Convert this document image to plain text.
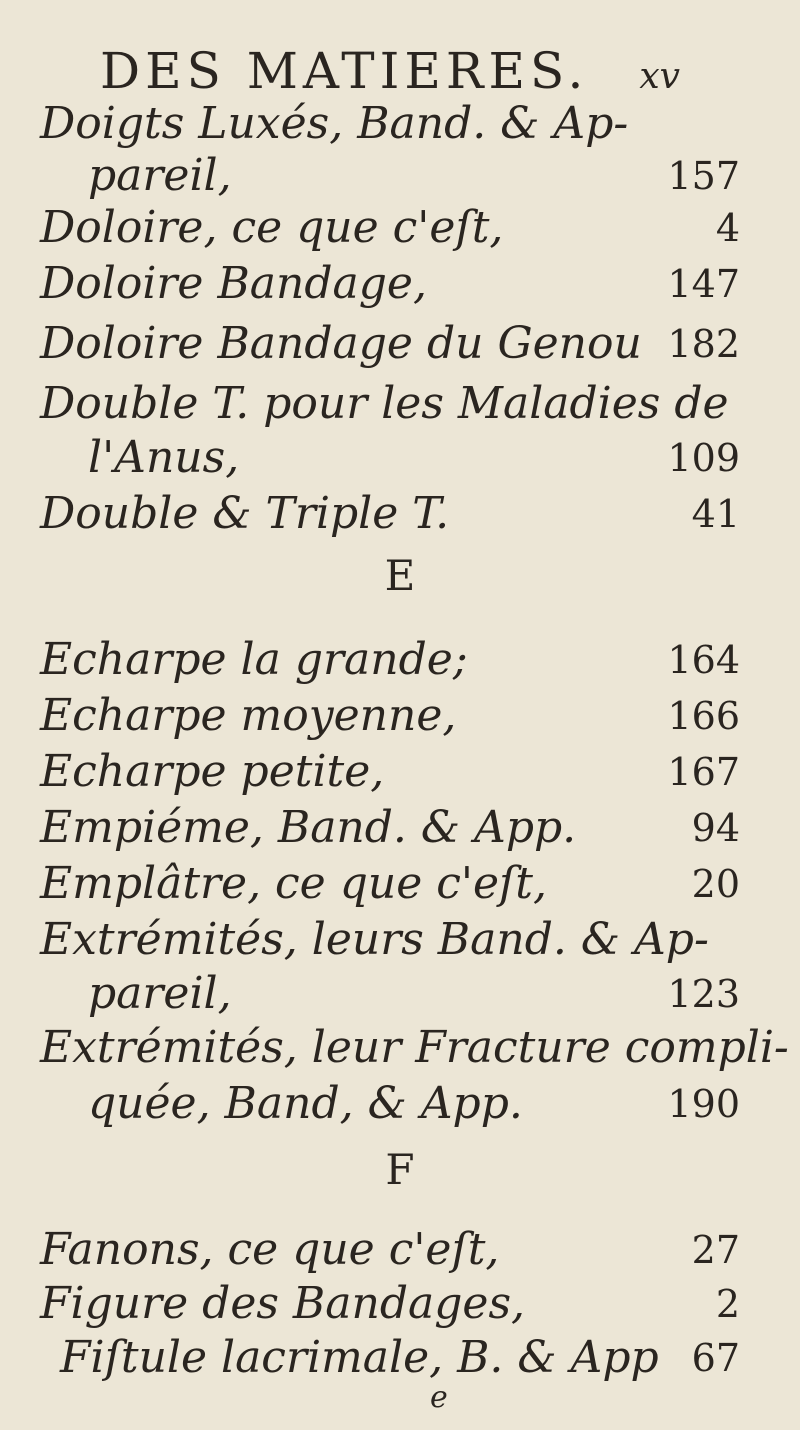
DES MATIERES. xv
Doigts Luxés, Band. & Ap-
pareil,	157
Doloire, ce que c'eſt,	4
Doloire Bandage,	147
Doloire Bandage du Genou 182
Double T. pour les Maladies de
l'Anus,	109
Double & Triple T.	41
E
Echarpe la grande;	164
Echarpe moyenne,	166
Echarpe petite,	167
Empiéme, Band. & App.	94
Emplâtre, ce que c'eſt,	20
Extrémités, leurs Band. & Ap-
pareil,	123
Extrémités, leur Fracture compli-
quée, Band, & App.	190
F
Fanons, ce que c'eſt,	27
Figure des Bandages,	2
Fiſtule lacrimale, B. & App 67
e
